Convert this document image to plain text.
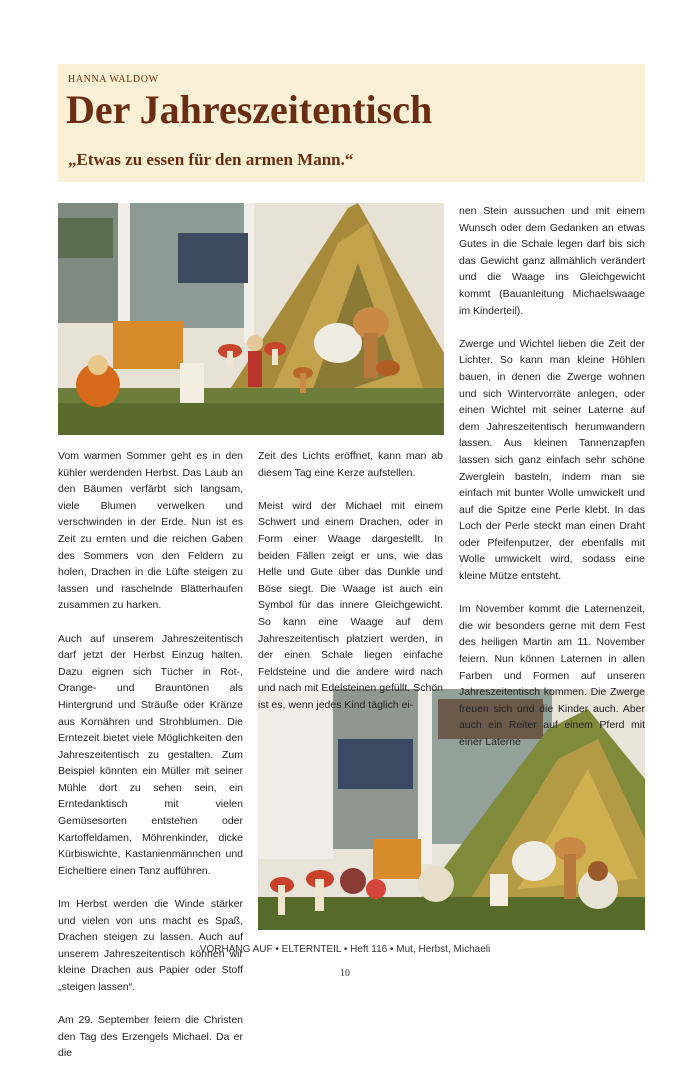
HANNA WALDOW
Der Jahreszeitentisch
„Etwas zu essen für den armen Mann.“

Vom warmen Sommer geht es in den kühler werdenden Herbst. Das Laub an den Bäumen verfärbt sich langsam, viele Blumen verwelken und verschwinden in der Erde. Nun ist es Zeit zu ernten und die reichen Gaben des Sommers von den Feldern zu holen, Drachen in die Lüfte steigen zu lassen und raschelnde Blätterhaufen zusammen zu harken.

Auch auf unserem Jahreszeitentisch darf jetzt der Herbst Einzug halten. Dazu eignen sich Tücher in Rot-, Orange- und Brauntönen als Hintergrund und Sträuße oder Kränze aus Kornähren und Strohblumen. Die Erntezeit bietet viele Möglichkeiten den Jahreszeitentisch zu gestalten. Zum Beispiel könnten ein Müller mit seiner Mühle dort zu sehen sein, ein Erntedanktisch mit vielen Gemüsesorten entstehen oder Kartoffeldamen, Möhrenkinder, dicke Kürbiswichte, Kastanienmännchen und Eicheltiere einen Tanz aufführen.

Im Herbst werden die Winde stärker und vielen von uns macht es Spaß, Drachen steigen zu lassen. Auch auf unserem Jahreszeitentisch können wir kleine Drachen aus Papier oder Stoff „steigen lassen“.

Am 29. September feiern die Christen den Tag des Erzengels Michael. Da er die

Zeit des Lichts eröffnet, kann man ab diesem Tag eine Kerze aufstellen.

Meist wird der Michael mit einem Schwert und einem Drachen, oder in Form einer Waage dargestellt. In beiden Fällen zeigt er uns, wie das Helle und Gute über das Dunkle und Böse siegt. Die Waage ist auch ein Symbol für das innere Gleichgewicht. So kann eine Waage auf dem Jahreszeitentisch platziert werden, in der einen Schale liegen einfache Feldsteine und die andere wird nach und nach mit Edelsteinen gefüllt. Schön ist es, wenn jedes Kind täglich ei-

nen Stein aussuchen und mit einem Wunsch oder dem Gedanken an etwas Gutes in die Schale legen darf bis sich das Gewicht ganz allmählich verändert und die Waage ins Gleichgewicht kommt (Bauanleitung Michaelswaage im Kinderteil).

Zwerge und Wichtel lieben die Zeit der Lichter. So kann man kleine Höhlen bauen, in denen die Zwerge wohnen und sich Wintervorräte anlegen, oder einen Wichtel mit seiner Laterne auf dem Jahreszeitentisch herumwandern lassen. Aus kleinen Tannenzapfen lassen sich ganz einfach sehr schöne Zwerglein basteln, indem man sie einfach mit bunter Wolle umwickelt und auf die Spitze eine Perle klebt. In das Loch der Perle steckt man einen Draht oder Pfeifenputzer, der ebenfalls mit Wolle umwickelt wird, sodass eine kleine Mütze entsteht.

Im November kommt die Laternenzeit, die wir besonders gerne mit dem Fest des heiligen Martin am 11. November feiern. Nun können Laternen in allen Farben und Formen auf unseren Jahreszeitentisch kommen. Die Zwerge freuen sich und die Kinder auch. Aber auch ein Reiter auf einem Pferd mit einer Laterne

VORHANG AUF • ELTERNTEIL • Heft 116 • Mut, Herbst, Michaeli
10
